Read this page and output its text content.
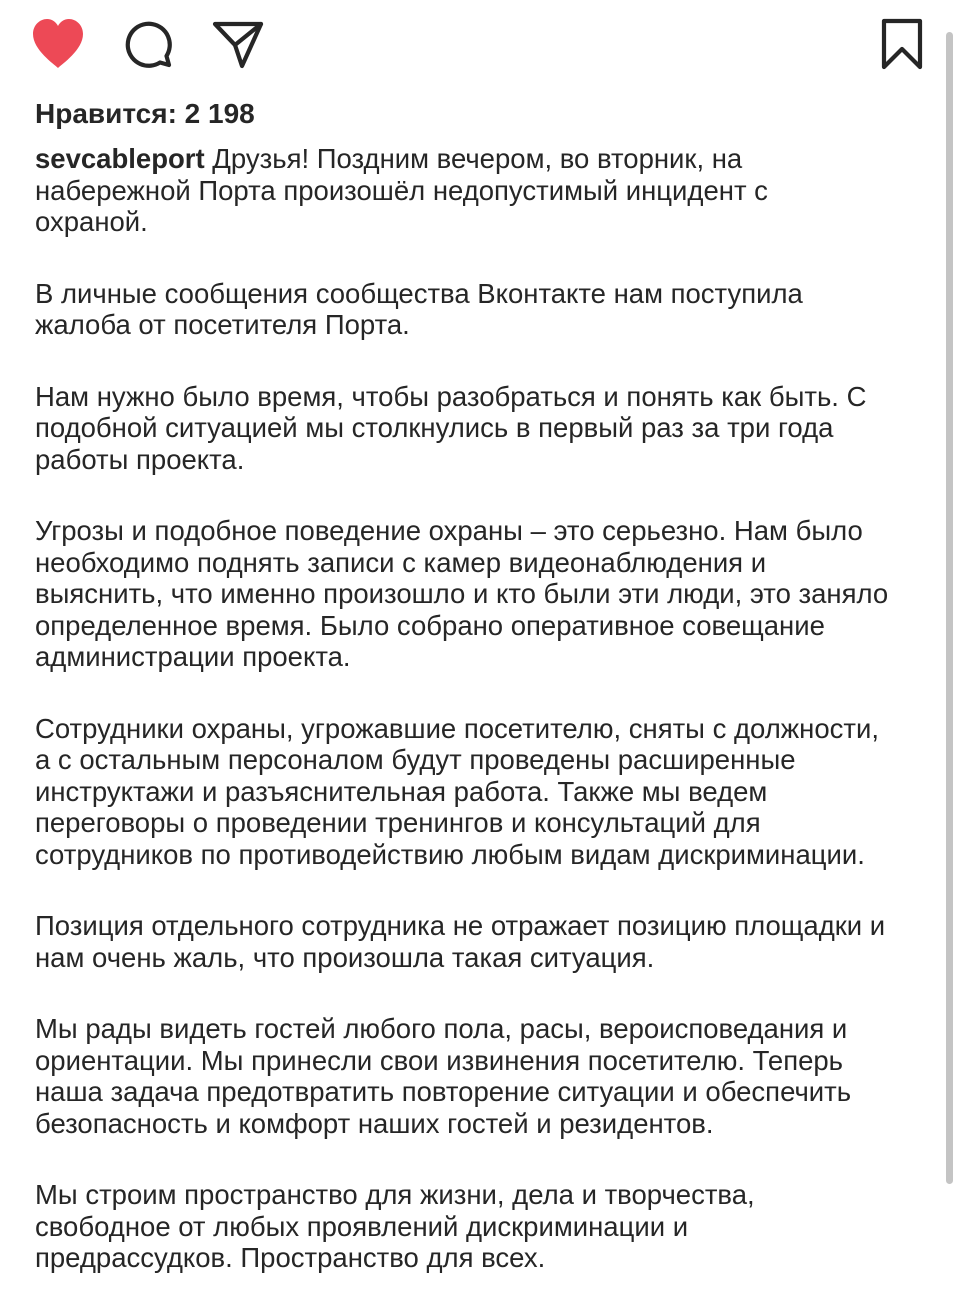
Нравится: 2 198

sevcableport Друзья! Поздним вечером, во вторник, на
набережной Порта произошёл недопустимый инцидент с
охраной.

В личные сообщения сообщества Вконтакте нам поступила
жалоба от посетителя Порта.

Нам нужно было время, чтобы разобраться и понять как быть. С
подобной ситуацией мы столкнулись в первый раз за три года
работы проекта.

Угрозы и подобное поведение охраны – это серьезно. Нам было
необходимо поднять записи с камер видеонаблюдения и
выяснить, что именно произошло и кто были эти люди, это заняло
определенное время. Было собрано оперативное совещание
администрации проекта.

Сотрудники охраны, угрожавшие посетителю, сняты с должности,
а с остальным персоналом будут проведены расширенные
инструктажи и разъяснительная работа. Также мы ведем
переговоры о проведении тренингов и консультаций для
сотрудников по противодействию любым видам дискриминации.

Позиция отдельного сотрудника не отражает позицию площадки и
нам очень жаль, что произошла такая ситуация.

Мы рады видеть гостей любого пола, расы, вероисповедания и
ориентации. Мы принесли свои извинения посетителю. Теперь
наша задача предотвратить повторение ситуации и обеспечить
безопасность и комфорт наших гостей и резидентов.

Мы строим пространство для жизни, дела и творчества,
свободное от любых проявлений дискриминации и
предрассудков. Пространство для всех.
